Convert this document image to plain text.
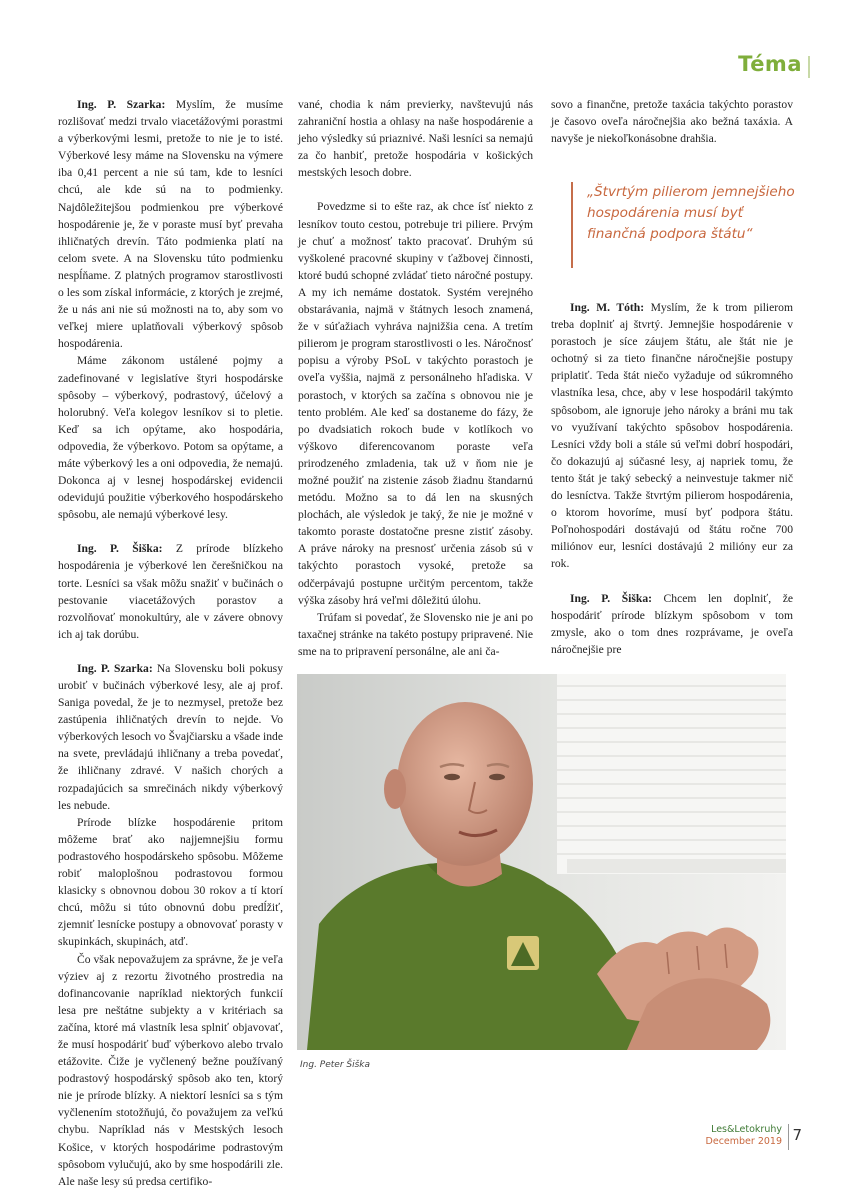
Téma

Ing. P. Szarka: Myslím, že musíme rozlišovať medzi trvalo viacetážovými porastmi a výberkovými lesmi, pretože to nie je to isté. Výberkové lesy máme na Slovensku na výmere iba 0,41 percent a nie sú tam, kde to lesníci chcú, ale kde sú na to podmienky. Najdôležitejšou podmienkou pre výberkové hospodárenie je, že v poraste musí byť prevaha ihličnatých drevín. Táto podmienka platí na celom svete. A na Slovensku túto podmienku nespĺňame. Z platných programov starostlivosti o les som získal informácie, z ktorých je zrejmé, že u nás ani nie sú možnosti na to, aby som vo veľkej miere uplatňovali výberkový spôsob hospodárenia.

Máme zákonom ustálené pojmy a zadefinované v legislatíve štyri hospodárske spôsoby – výberkový, podrastový, účelový a holorubný. Veľa kolegov lesníkov si to pletie. Keď sa ich opýtame, ako hospodária, odpovedia, že výberkovo. Potom sa opýtame, a máte výberkový les a oni odpovedia, že nemajú. Dokonca aj v lesnej hospodárskej evidencii odevidujú použitie výberkového hospodárskeho spôsobu, ale nemajú výberkové lesy.

Ing. P. Šiška: Z prírode blízkeho hospodárenia je výberkové len čerešničkou na torte. Lesníci sa však môžu snažiť v bučinách o pestovanie viacetážových porastov a rozvolňovať monokultúry, ale v závere obnovy ich aj tak dorúbu.

Ing. P. Szarka: Na Slovensku boli pokusy urobiť v bučinách výberkové lesy, ale aj prof. Saniga povedal, že je to nezmysel, pretože bez zastúpenia ihličnatých drevín to nejde. Vo výberkových lesoch vo Švajčiarsku a všade inde na svete, prevládajú ihličnany a treba povedať, že ihličnany zdravé. V našich chorých a rozpadajúcich sa smrečinách nikdy výberkový les nebude.

Prírode blízke hospodárenie pritom môžeme brať ako najjemnejšiu formu podrastového hospodárskeho spôsobu. Môžeme robiť maloplošnou podrastovou formou klasicky s obnovnou dobou 30 rokov a tí ktorí chcú, môžu si túto obnovnú dobu predĺžiť, zjemniť lesnícke postupy a obnovovať porasty v skupinkách, skupinách, atď.

Čo však nepovažujem za správne, že je veľa výziev aj z rezortu životného prostredia na dofinancovanie napríklad niektorých funkcií lesa pre neštátne subjekty a v kritériach sa začína, ktoré má vlastník lesa splniť objavovať, že musí hospodáriť buď výberkovo alebo trvalo etážovite. Čiže je vyčlenený bežne používaný podrastový hospodárský spôsob ako ten, ktorý nie je prírode blízky. A niektorí lesníci sa s tým vyčlenením stotožňujú, čo považujem za veľkú chybu. Napríklad nás v Mestských lesoch Košice, v ktorých hospodárime podrastovým spôsobom vylučujú, ako by sme hospodárili zle. Ale naše lesy sú predsa certifiko-

vané, chodia k nám previerky, navštevujú nás zahraniční hostia a ohlasy na naše hospodárenie a jeho výsledky sú priaznivé. Naši lesníci sa nemajú za čo hanbiť, pretože hospodária v košických mestských lesoch dobre.

Povedzme si to ešte raz, ak chce ísť niekto z lesníkov touto cestou, potrebuje tri piliere. Prvým je chuť a možnosť takto pracovať. Druhým sú vyškolené pracovné skupiny v ťažbovej činnosti, ktoré budú schopné zvládať tieto náročné postupy. A my ich nemáme dostatok. Systém verejného obstarávania, najmä v štátnych lesoch znamená, že v súťažiach vyhráva najnižšia cena. A tretím pilierom je program starostlivosti o les. Náročnosť popisu a výroby PSoL v takýchto porastoch je oveľa vyššia, najmä z personálneho hľadiska. V porastoch, v ktorých sa začína s obnovou nie je tento problém. Ale keď sa dostaneme do fázy, že po dvadsiatich rokoch bude v kotlíkoch vo výškovo diferencovanom poraste veľa prirodzeného zmladenia, tak už v ňom nie je možné použiť na zistenie zásob žiadnu štandarnú metódu. Možno sa to dá len na skusných plochách, ale výsledok je taký, že nie je možné v takomto poraste dostatočne presne zistiť zásoby. A práve nároky na presnosť určenia zásob sú v takýchto porastoch vysoké, pretože sa odčerpávajú postupne určitým percentom, takže výška zásoby hrá veľmi dôležitú úlohu.

Trúfam si povedať, že Slovensko nie je ani po taxačnej stránke na takéto postupy pripravené. Nie sme na to pripravení personálne, ale ani ča-

sovo a finančne, pretože taxácia takýchto porastov je časovo oveľa náročnejšia ako bežná taxáxia. A navyše je niekoľkonásobne drahšia.

„Štvrtým pilierom jemnejšieho hospodárenia musí byť finančná podpora štátu“

Ing. M. Tóth: Myslím, že k trom pilierom treba doplniť aj štvrtý. Jemnejšie hospodárenie v porastoch je síce záujem štátu, ale štát nie je ochotný si za tieto finančne náročnejšie postupy priplatiť. Teda štát niečo vyžaduje od súkromného vlastníka lesa, chce, aby v lese hospodáril takýmto spôsobom, ale ignoruje jeho nároky a bráni mu tak vo využívaní takýchto spôsobov hospodárenia. Lesníci vždy boli a stále sú veľmi dobrí hospodári, čo dokazujú aj súčasné lesy, aj napriek tomu, že tento štát je taký sebecký a neinvestuje takmer nič do lesníctva. Takže štvrtým pilierom hospodárenia, o ktorom hovoríme, musí byť podpora štátu. Poľnohospodári dostávajú od štátu ročne 700 miliónov eur, lesníci dostávajú 2 milióny eur za rok.

Ing. P. Šiška: Chcem len doplniť, že hospodáriť prírode blízkym spôsobom v tom zmysle, ako o tom dnes rozprávame, je oveľa náročnejšie pre

Ing. Peter Šiška
Les&Letokruhy
December 2019 7
